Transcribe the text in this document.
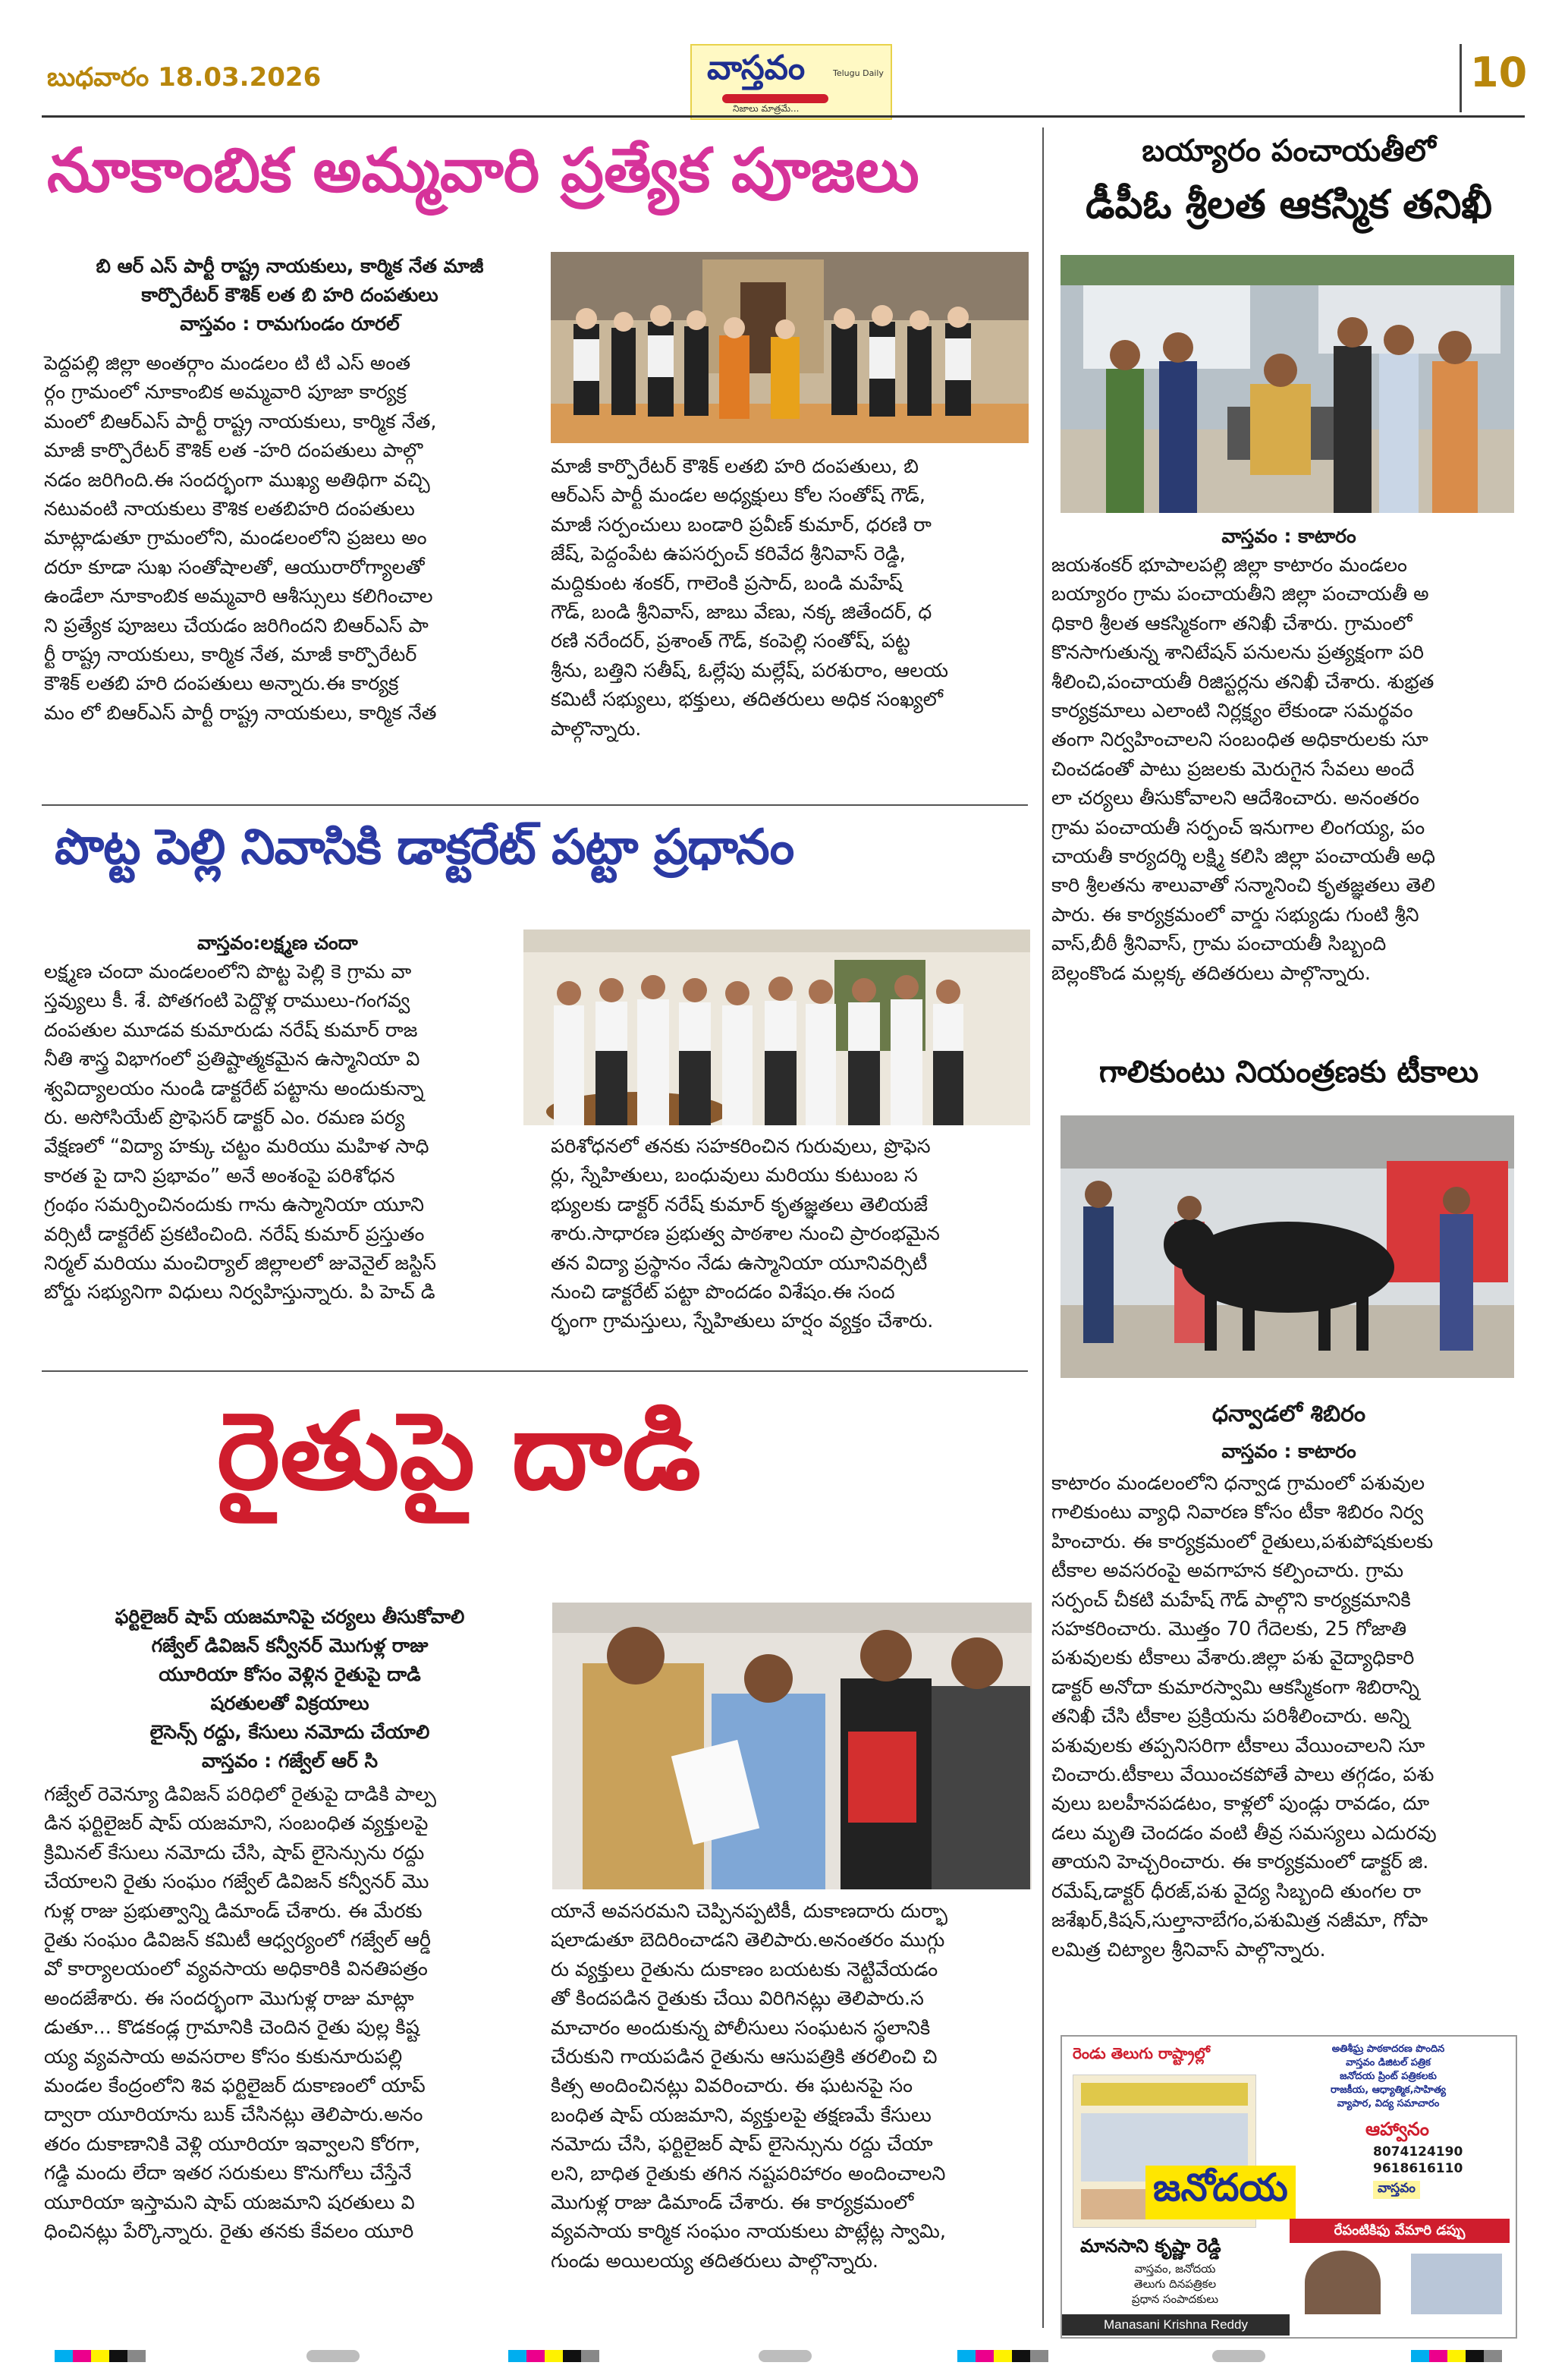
బుధవారం 18.03.2026	వాస్తవం
నిజాలు మాత్రమే...
Telugu Daily	10
నూకాంబిక అమ్మవారి ప్రత్యేక పూజలు
బి ఆర్ ఎస్ పార్టీ రాష్ట్ర నాయకులు, కార్మిక నేత మాజీ
కార్పొరేటర్ కౌశిక్ లత బి హరి దంపతులు
వాస్తవం : రామగుండం రూరల్

పెద్దపల్లి జిల్లా అంతర్గాం మండలం టి టి ఎస్ అంత

ర్గం గ్రామంలో నూకాంబిక అమ్మవారి పూజా కార్యక్ర

మంలో బిఆర్ఎస్ పార్టీ రాష్ట్ర నాయకులు, కార్మిక నేత,

మాజీ కార్పొరేటర్ కౌశిక్ లత -హరి దంపతులు పాల్గొ

నడం జరిగింది.ఈ సందర్భంగా ముఖ్య అతిథిగా వచ్చి

నటువంటి నాయకులు కౌశిక లతబిహరి దంపతులు

మాట్లాడుతూ గ్రామంలోని, మండలంలోని ప్రజలు అం

దరూ కూడా సుఖ సంతోషాలతో, ఆయురారోగ్యాలతో

ఉండేలా నూకాంబిక అమ్మవారి ఆశీస్సులు కలిగించాల

ని ప్రత్యేక పూజలు చేయడం జరిగిందని బిఆర్ఎస్ పా

ర్టీ రాష్ట్ర నాయకులు, కార్మిక నేత, మాజీ కార్పొరేటర్

కౌశిక్ లతబి హరి దంపతులు అన్నారు.ఈ కార్యక్ర

మం లో బిఆర్ఎస్ పార్టీ రాష్ట్ర నాయకులు, కార్మిక నేత

మాజీ కార్పొరేటర్ కౌశిక్ లతబి హరి దంపతులు, బి

ఆర్ఎస్ పార్టీ మండల అధ్యక్షులు కోల సంతోష్ గౌడ్,

మాజీ సర్పంచులు బండారి ప్రవీణ్ కుమార్, ధరణి రా

జేష్, పెద్దంపేట ఉపసర్పంచ్ కరివేద శ్రీనివాస్ రెడ్డి,

మద్దికుంట శంకర్, గాలెంకి ప్రసాద్, బండి మహేష్

గౌడ్, బండి శ్రీనివాస్, జాబు వేణు, నక్క జితేందర్, ధ

రణి నరేందర్, ప్రశాంత్ గౌడ్, కంపెల్లి సంతోష్, పట్ట

శ్రీను, బత్తిని సతీష్, ఓల్లేపు మల్లేష్, పరశురాం, ఆలయ

కమిటీ సభ్యులు, భక్తులు, తదితరులు అధిక సంఖ్యలో

పాల్గొన్నారు.

పొట్ట పెల్లి నివాసికి డాక్టరేట్ పట్టా ప్రధానం
వాస్తవం:లక్ష్మణ చందా

లక్ష్మణ చందా మండలంలోని పొట్ట పెల్లి కె గ్రామ వా

స్తవ్యులు కీ. శే. పోతగంటి పెద్దొళ్ల రాములు-గంగవ్వ

దంపతుల మూడవ కుమారుడు నరేష్ కుమార్ రాజ

నీతి శాస్త్ర విభాగంలో ప్రతిష్టాత్మకమైన ఉస్మానియా వి

శ్వవిద్యాలయం నుండి డాక్టరేట్ పట్టాను అందుకున్నా

రు. అసోసియేట్ ప్రొఫెసర్ డాక్టర్ ఎం. రమణ పర్య

వేక్షణలో “విద్యా హక్కు చట్టం మరియు మహిళ సాధి

కారత పై దాని ప్రభావం” అనే అంశంపై పరిశోధన

గ్రంథం సమర్పించినందుకు గాను ఉస్మానియా యూని

వర్సిటీ డాక్టరేట్ ప్రకటించింది. నరేష్ కుమార్ ప్రస్తుతం

నిర్మల్ మరియు మంచిర్యాల్ జిల్లాలలో జువెనైల్ జస్టిస్

బోర్డు సభ్యునిగా విధులు నిర్వహిస్తున్నారు. పి హెచ్ డి

పరిశోధనలో తనకు సహకరించిన గురువులు, ప్రొఫెస

ర్లు, స్నేహితులు, బంధువులు మరియు కుటుంబ స

భ్యులకు డాక్టర్ నరేష్ కుమార్ కృతజ్ఞతలు తెలియజే

శారు.సాధారణ ప్రభుత్వ పాఠశాల నుంచి ప్రారంభమైన

తన విద్యా ప్రస్థానం నేడు ఉస్మానియా యూనివర్సిటీ

నుంచి డాక్టరేట్ పట్టా పొందడం విశేషం.ఈ సంద

ర్భంగా గ్రామస్తులు, స్నేహితులు హర్షం వ్యక్తం చేశారు.

రైతుపై దాడి
ఫర్టిలైజర్ షాప్ యజమానిపై చర్యలు తీసుకోవాలి
గజ్వేల్ డివిజన్ కన్వీనర్ మొగుళ్ల రాజు
యూరియా కోసం వెళ్లిన రైతుపై దాడి
షరతులతో విక్రయాలు
లైసెన్స్ రద్దు, కేసులు నమోదు చేయాలి
వాస్తవం : గజ్వేల్ ఆర్ సి

గజ్వేల్ రెవెన్యూ డివిజన్ పరిధిలో రైతుపై దాడికి పాల్ప

డిన ఫర్టిలైజర్ షాప్ యజమాని, సంబంధిత వ్యక్తులపై

క్రిమినల్ కేసులు నమోదు చేసి, షాప్ లైసెన్సును రద్దు

చేయాలని రైతు సంఘం గజ్వేల్ డివిజన్ కన్వీనర్ మొ

గుళ్ల రాజు ప్రభుత్వాన్ని డిమాండ్ చేశారు. ఈ మేరకు

రైతు సంఘం డివిజన్ కమిటీ ఆధ్వర్యంలో గజ్వేల్ ఆర్డీ

వో కార్యాలయంలో వ్యవసాయ అధికారికి వినతిపత్రం

అందజేశారు. ఈ సందర్భంగా మొగుళ్ల రాజు మాట్లా

డుతూ... కొడకండ్ల గ్రామానికి చెందిన రైతు పుల్ల కిష్ట

య్య వ్యవసాయ అవసరాల కోసం కుకునూరుపల్లి

మండల కేంద్రంలోని శివ ఫర్టిలైజర్ దుకాణంలో యాప్

ద్వారా యూరియాను బుక్ చేసినట్లు తెలిపారు.అనం

తరం దుకాణానికి వెళ్లి యూరియా ఇవ్వాలని కోరగా,

గడ్డి మందు లేదా ఇతర సరుకులు కొనుగోలు చేస్తేనే

యూరియా ఇస్తామని షాప్ యజమాని షరతులు వి

ధించినట్లు పేర్కొన్నారు. రైతు తనకు కేవలం యూరి

యానే అవసరమని చెప్పినప్పటికీ, దుకాణదారు దుర్భా

షలాడుతూ బెదిరించాడని తెలిపారు.అనంతరం ముగ్గు

రు వ్యక్తులు రైతును దుకాణం బయటకు నెట్టివేయడం

తో కిందపడిన రైతుకు చేయి విరిగినట్లు తెలిపారు.స

మాచారం అందుకున్న పోలీసులు సంఘటన స్థలానికి

చేరుకుని గాయపడిన రైతును ఆసుపత్రికి తరలించి చి

కిత్స అందించినట్లు వివరించారు. ఈ ఘటనపై సం

బంధిత షాప్ యజమాని, వ్యక్తులపై తక్షణమే కేసులు

నమోదు చేసి, ఫర్టిలైజర్ షాప్ లైసెన్సును రద్దు చేయా

లని, బాధిత రైతుకు తగిన నష్టపరిహారం అందించాలని

మొగుళ్ల రాజు డిమాండ్ చేశారు. ఈ కార్యక్రమంలో

వ్యవసాయ కార్మిక సంఘం నాయకులు పొట్లేట్ల స్వామి,

గుండు అయిలయ్య తదితరులు పాల్గొన్నారు.

బయ్యారం పంచాయతీలో
డీపీఓ శ్రీలత ఆకస్మిక తనిఖీ
వాస్తవం : కాటారం

జయశంకర్ భూపాలపల్లి జిల్లా కాటారం మండలం

బయ్యారం గ్రామ పంచాయతీని జిల్లా పంచాయతీ అ

ధికారి శ్రీలత ఆకస్మికంగా తనిఖీ చేశారు. గ్రామంలో

కొనసాగుతున్న శానిటేషన్ పనులను ప్రత్యక్షంగా పరి

శీలించి,పంచాయతీ రిజిస్టర్లను తనిఖీ చేశారు. శుభ్రత

కార్యక్రమాలు ఎలాంటి నిర్లక్ష్యం లేకుండా సమర్థవం

తంగా నిర్వహించాలని సంబంధిత అధికారులకు సూ

చించడంతో పాటు ప్రజలకు మెరుగైన సేవలు అందే

లా చర్యలు తీసుకోవాలని ఆదేశించారు. అనంతరం

గ్రామ పంచాయతీ సర్పంచ్ ఇనుగాల లింగయ్య, పం

చాయతీ కార్యదర్శి లక్ష్మి కలిసి జిల్లా పంచాయతీ అధి

కారి శ్రీలతను శాలువాతో సన్మానించి కృతజ్ఞతలు తెలి

పారు. ఈ కార్యక్రమంలో వార్డు సభ్యుడు గుంటి శ్రీని

వాస్,బీఠీ శ్రీనివాస్, గ్రామ పంచాయతీ సిబ్బంది

బెల్లంకొండ మల్లక్క తదితరులు పాల్గొన్నారు.

గాలికుంటు నియంత్రణకు టీకాలు
ధన్వాడలో శిబిరం
వాస్తవం : కాటారం

కాటారం మండలంలోని ధన్వాడ గ్రామంలో పశువుల

గాలికుంటు వ్యాధి నివారణ కోసం టీకా శిబిరం నిర్వ

హించారు. ఈ కార్యక్రమంలో రైతులు,పశుపోషకులకు

టీకాల అవసరంపై అవగాహన కల్పించారు. గ్రామ

సర్పంచ్ చీకటి మహేష్ గౌడ్ పాల్గొని కార్యక్రమానికి

సహకరించారు. మొత్తం 70 గేదెలకు, 25 గోజాతి

పశువులకు టీకాలు వేశారు.జిల్లా పశు వైద్యాధికారి

డాక్టర్ అనోదా కుమారస్వామి ఆకస్మికంగా శిబిరాన్ని

తనిఖీ చేసి టీకాల ప్రక్రియను పరిశీలించారు. అన్ని

పశువులకు తప్పనిసరిగా టీకాలు వేయించాలని సూ

చించారు.టీకాలు వేయించకపోతే పాలు తగ్గడం, పశు

వులు బలహీనపడటం, కాళ్లలో పుండ్లు రావడం, దూ

డలు మృతి చెందడం వంటి తీవ్ర సమస్యలు ఎదురవు

తాయని హెచ్చరించారు. ఈ కార్యక్రమంలో డాక్టర్ జి.

రమేష్,డాక్టర్ ధీరజ్,పశు వైద్య సిబ్బంది తుంగల రా

జశేఖర్,కిషన్,సుల్తానాబేగం,పశుమిత్ర నజీమా, గోపా

లమిత్ర చిట్యాల శ్రీనివాస్ పాల్గొన్నారు.

రెండు తెలుగు రాష్ట్రాల్లో	అతిశీఘ్ర పాఠకాదరణ పొందిన
వాస్తవం డిజిటల్ పత్రిక
జనోదయ ప్రింట్ పత్రికలకు
రాజకీయ, ఆధ్యాత్మిక,సాహిత్య
వ్యాపార, విద్య సమాచారం
ఆహ్వానం
8074124190
9618616110
వాస్తవం
జనోదయ
మానసాని కృష్ణా రెడ్డి
వాస్తవం, జనోదయ
తెలుగు దినపత్రికల
ప్రధాన సంపాదకులు
రేపంటికిఫు వేమారి డప్పు
Manasani Krishna Reddy
